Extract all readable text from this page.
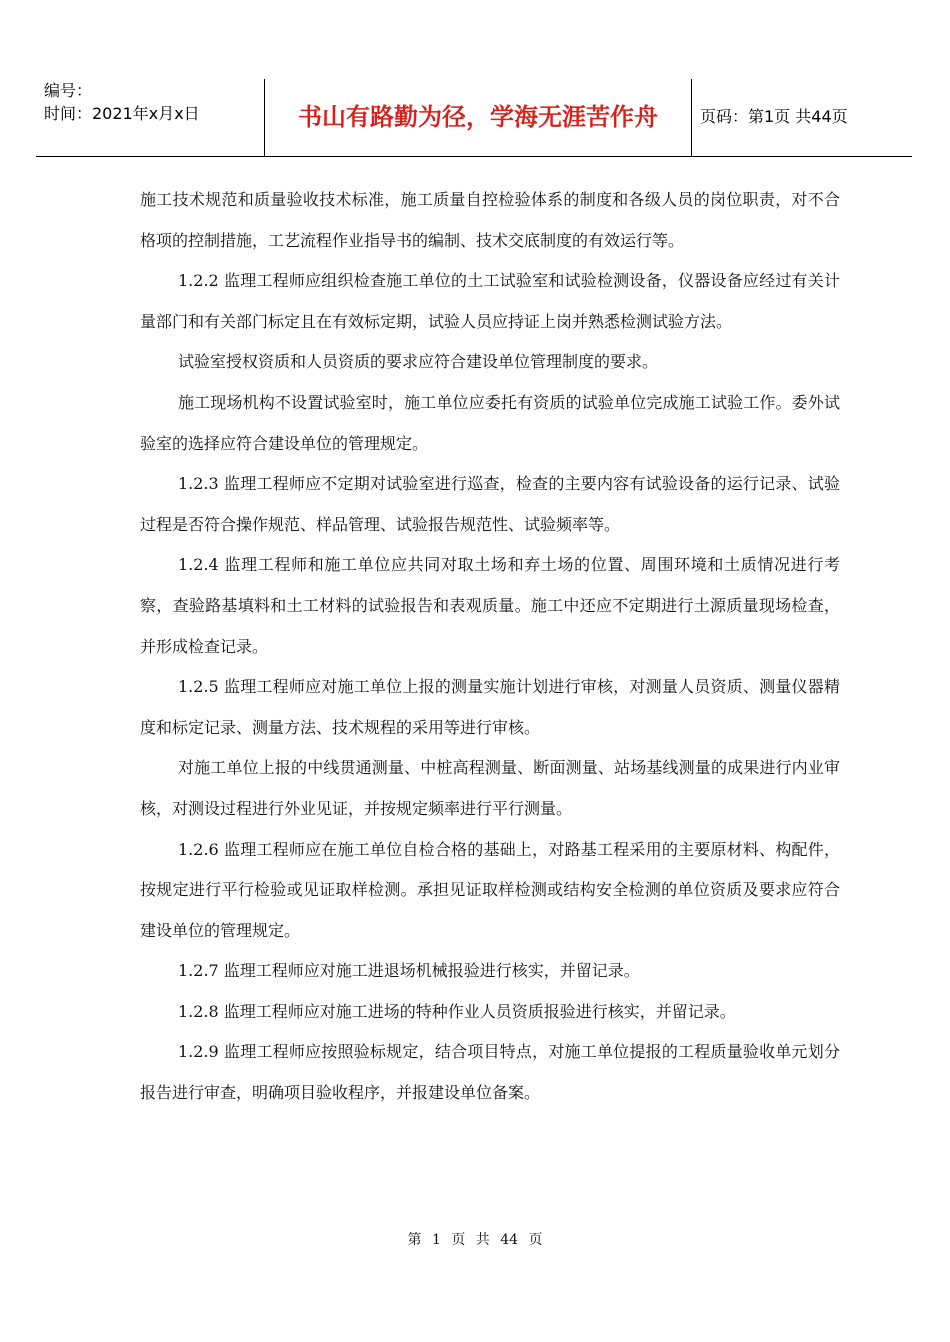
编号：
时间：2021年x月x日	书山有路勤为径，学海无涯苦作舟	页码：第1页 共44页

施工技术规范和质量验收技术标准，施工质量自控检验体系的制度和各级人员的岗位职责，对不合格项的控制措施，工艺流程作业指导书的编制、技术交底制度的有效运行等。

1.2.2 监理工程师应组织检查施工单位的土工试验室和试验检测设备，仪器设备应经过有关计量部门和有关部门标定且在有效标定期，试验人员应持证上岗并熟悉检测试验方法。

试验室授权资质和人员资质的要求应符合建设单位管理制度的要求。

施工现场机构不设置试验室时，施工单位应委托有资质的试验单位完成施工试验工作。委外试验室的选择应符合建设单位的管理规定。

1.2.3 监理工程师应不定期对试验室进行巡查，检查的主要内容有试验设备的运行记录、试验过程是否符合操作规范、样品管理、试验报告规范性、试验频率等。

1.2.4 监理工程师和施工单位应共同对取土场和弃土场的位置、周围环境和土质情况进行考察，查验路基填料和土工材料的试验报告和表观质量。施工中还应不定期进行土源质量现场检查，并形成检查记录。

1.2.5 监理工程师应对施工单位上报的测量实施计划进行审核，对测量人员资质、测量仪器精度和标定记录、测量方法、技术规程的采用等进行审核。

对施工单位上报的中线贯通测量、中桩高程测量、断面测量、站场基线测量的成果进行内业审核，对测设过程进行外业见证，并按规定频率进行平行测量。

1.2.6 监理工程师应在施工单位自检合格的基础上，对路基工程采用的主要原材料、构配件，按规定进行平行检验或见证取样检测。承担见证取样检测或结构安全检测的单位资质及要求应符合建设单位的管理规定。

1.2.7 监理工程师应对施工进退场机械报验进行核实，并留记录。

1.2.8 监理工程师应对施工进场的特种作业人员资质报验进行核实，并留记录。

1.2.9 监理工程师应按照验标规定，结合项目特点，对施工单位提报的工程质量验收单元划分报告进行审查，明确项目验收程序，并报建设单位备案。

第 1 页 共 44 页
